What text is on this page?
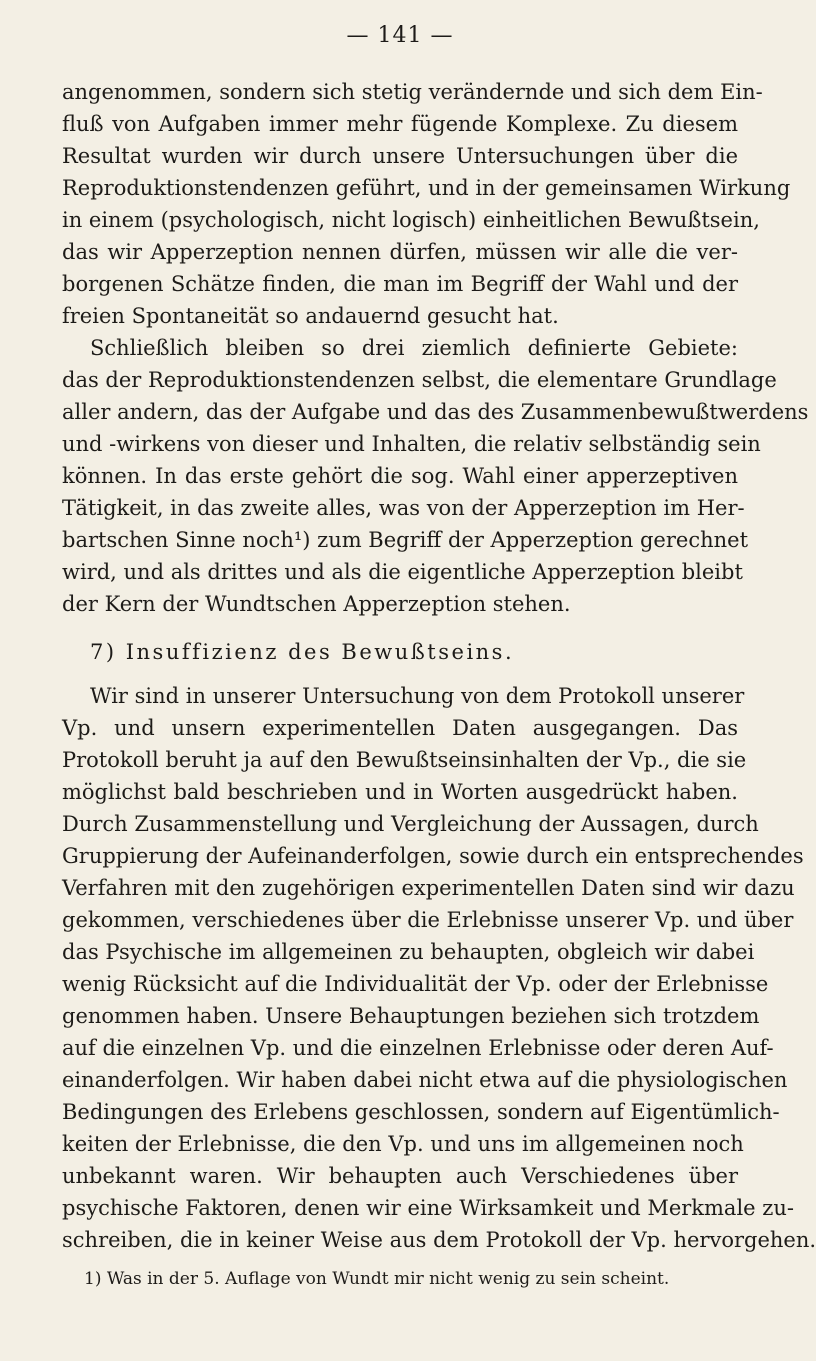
— 141 —
angenommen, sondern sich stetig verändernde und sich dem Ein-
fluß von Aufgaben immer mehr fügende Komplexe. Zu diesem
Resultat wurden wir durch unsere Untersuchungen über die
Reproduktionstendenzen geführt, und in der gemeinsamen Wirkung
in einem (psychologisch, nicht logisch) einheitlichen Bewußtsein,
das wir Apperzeption nennen dürfen, müssen wir alle die ver-
borgenen Schätze finden, die man im Begriff der Wahl und der
freien Spontaneität so andauernd gesucht hat.
Schließlich bleiben so drei ziemlich definierte Gebiete:
das der Reproduktionstendenzen selbst, die elementare Grundlage
aller andern, das der Aufgabe und das des Zusammenbewußtwerdens
und -wirkens von dieser und Inhalten, die relativ selbständig sein
können. In das erste gehört die sog. Wahl einer apperzeptiven
Tätigkeit, in das zweite alles, was von der Apperzeption im Her-
bartschen Sinne noch¹) zum Begriff der Apperzeption gerechnet
wird, und als drittes und als die eigentliche Apperzeption bleibt
der Kern der Wundtschen Apperzeption stehen.
7) Insuffizienz des Bewußtseins.
Wir sind in unserer Untersuchung von dem Protokoll unserer
Vp. und unsern experimentellen Daten ausgegangen. Das
Protokoll beruht ja auf den Bewußtseinsinhalten der Vp., die sie
möglichst bald beschrieben und in Worten ausgedrückt haben.
Durch Zusammenstellung und Vergleichung der Aussagen, durch
Gruppierung der Aufeinanderfolgen, sowie durch ein entsprechendes
Verfahren mit den zugehörigen experimentellen Daten sind wir dazu
gekommen, verschiedenes über die Erlebnisse unserer Vp. und über
das Psychische im allgemeinen zu behaupten, obgleich wir dabei
wenig Rücksicht auf die Individualität der Vp. oder der Erlebnisse
genommen haben. Unsere Behauptungen beziehen sich trotzdem
auf die einzelnen Vp. und die einzelnen Erlebnisse oder deren Auf-
einanderfolgen. Wir haben dabei nicht etwa auf die physiologischen
Bedingungen des Erlebens geschlossen, sondern auf Eigentümlich-
keiten der Erlebnisse, die den Vp. und uns im allgemeinen noch
unbekannt waren. Wir behaupten auch Verschiedenes über
psychische Faktoren, denen wir eine Wirksamkeit und Merkmale zu-
schreiben, die in keiner Weise aus dem Protokoll der Vp. hervorgehen.
1) Was in der 5. Auflage von Wundt mir nicht wenig zu sein scheint.
